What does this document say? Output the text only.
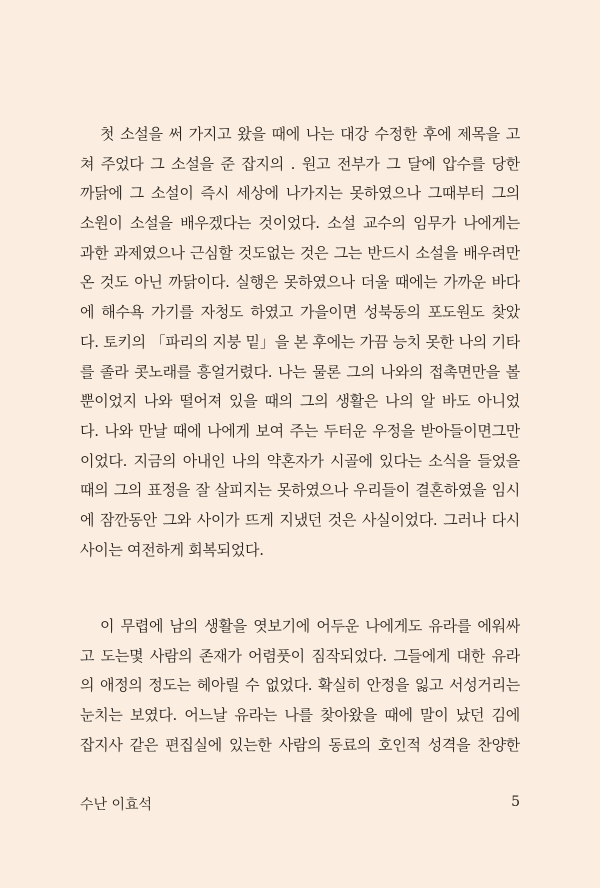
첫 소설을 써 가지고 왔을 때에 나는 대강 수정한 후에 제목을 고
쳐 주었다 그 소설을 준 잡지의 . 원고 전부가 그 달에 압수를 당한
까닭에 그 소설이 즉시 세상에 나가지는 못하였으나 그때부터 그의
소원이 소설을 배우겠다는 것이었다. 소설 교수의 임무가 나에게는
과한 과제였으나 근심할 것도없는 것은 그는 반드시 소설을 배우려만
온 것도 아닌 까닭이다. 실행은 못하였으나 더울 때에는 가까운 바다
에 해수욕 가기를 자청도 하였고 가을이면 성북동의 포도원도 찾았
다. 토키의 「파리의 지붕 밑」을 본 후에는 가끔 능치 못한 나의 기타
를 졸라 콧노래를 흥얼거렸다. 나는 물론 그의 나와의 접촉면만을 볼
뿐이었지 나와 떨어져 있을 때의 그의 생활은 나의 알 바도 아니었
다. 나와 만날 때에 나에게 보여 주는 두터운 우정을 받아들이면그만
이었다. 지금의 아내인 나의 약혼자가 시골에 있다는 소식을 들었을
때의 그의 표정을 잘 살피지는 못하였으나 우리들이 결혼하였을 임시
에 잠깐동안 그와 사이가 뜨게 지냈던 것은 사실이었다. 그러나 다시
사이는 여전하게 회복되었다.
이 무렵에 남의 생활을 엿보기에 어두운 나에게도 유라를 에워싸
고 도는몇 사람의 존재가 어렴풋이 짐작되었다. 그들에게 대한 유라
의 애정의 정도는 헤아릴 수 없었다. 확실히 안정을 잃고 서성거리는
눈치는 보였다. 어느날 유라는 나를 찾아왔을 때에 말이 났던 김에
잡지사 같은 편집실에 있는한 사람의 동료의 호인적 성격을 찬양한
수난 이효석	5
